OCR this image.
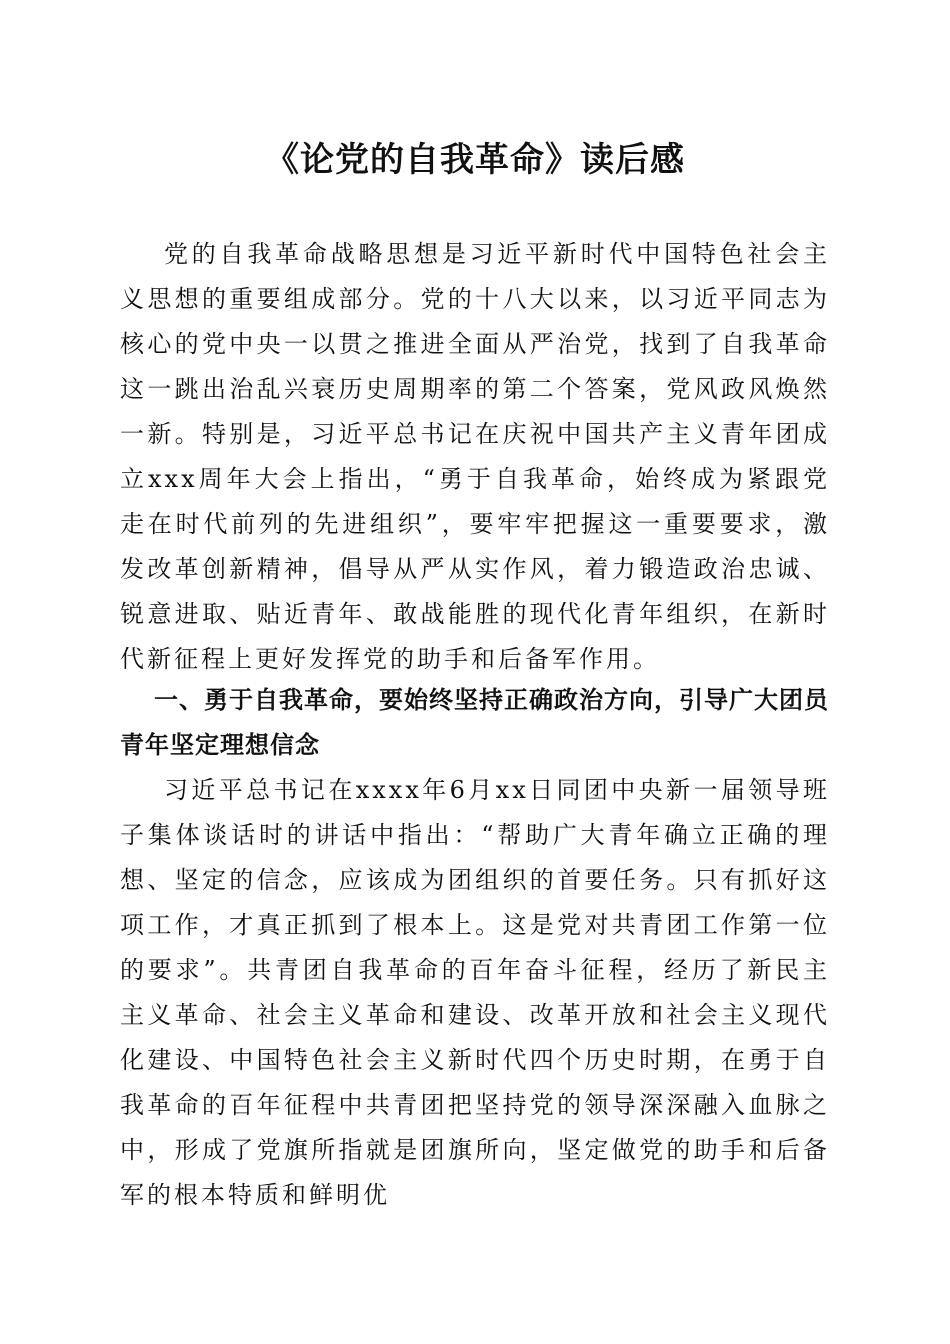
《论党的自我革命》读后感

党的自我革命战略思想是习近平新时代中国特色社会主义思想的重要组成部分。党的十八大以来，以习近平同志为核心的党中央一以贯之推进全面从严治党，找到了自我革命这一跳出治乱兴衰历史周期率的第二个答案，党风政风焕然一新。特别是，习近平总书记在庆祝中国共产主义青年团成立xxx周年大会上指出，“勇于自我革命，始终成为紧跟党走在时代前列的先进组织”，要牢牢把握这一重要要求，激发改革创新精神，倡导从严从实作风，着力锻造政治忠诚、锐意进取、贴近青年、敢战能胜的现代化青年组织，在新时代新征程上更好发挥党的助手和后备军作用。

一、勇于自我革命，要始终坚持正确政治方向，引导广大团员青年坚定理想信念

习近平总书记在xxxx年6月xx日同团中央新一届领导班子集体谈话时的讲话中指出：“帮助广大青年确立正确的理想、坚定的信念，应该成为团组织的首要任务。只有抓好这项工作，才真正抓到了根本上。这是党对共青团工作第一位的要求”。共青团自我革命的百年奋斗征程，经历了新民主主义革命、社会主义革命和建设、改革开放和社会主义现代化建设、中国特色社会主义新时代四个历史时期，在勇于自我革命的百年征程中共青团把坚持党的领导深深融入血脉之中，形成了党旗所指就是团旗所向，坚定做党的助手和后备军的根本特质和鲜明优
